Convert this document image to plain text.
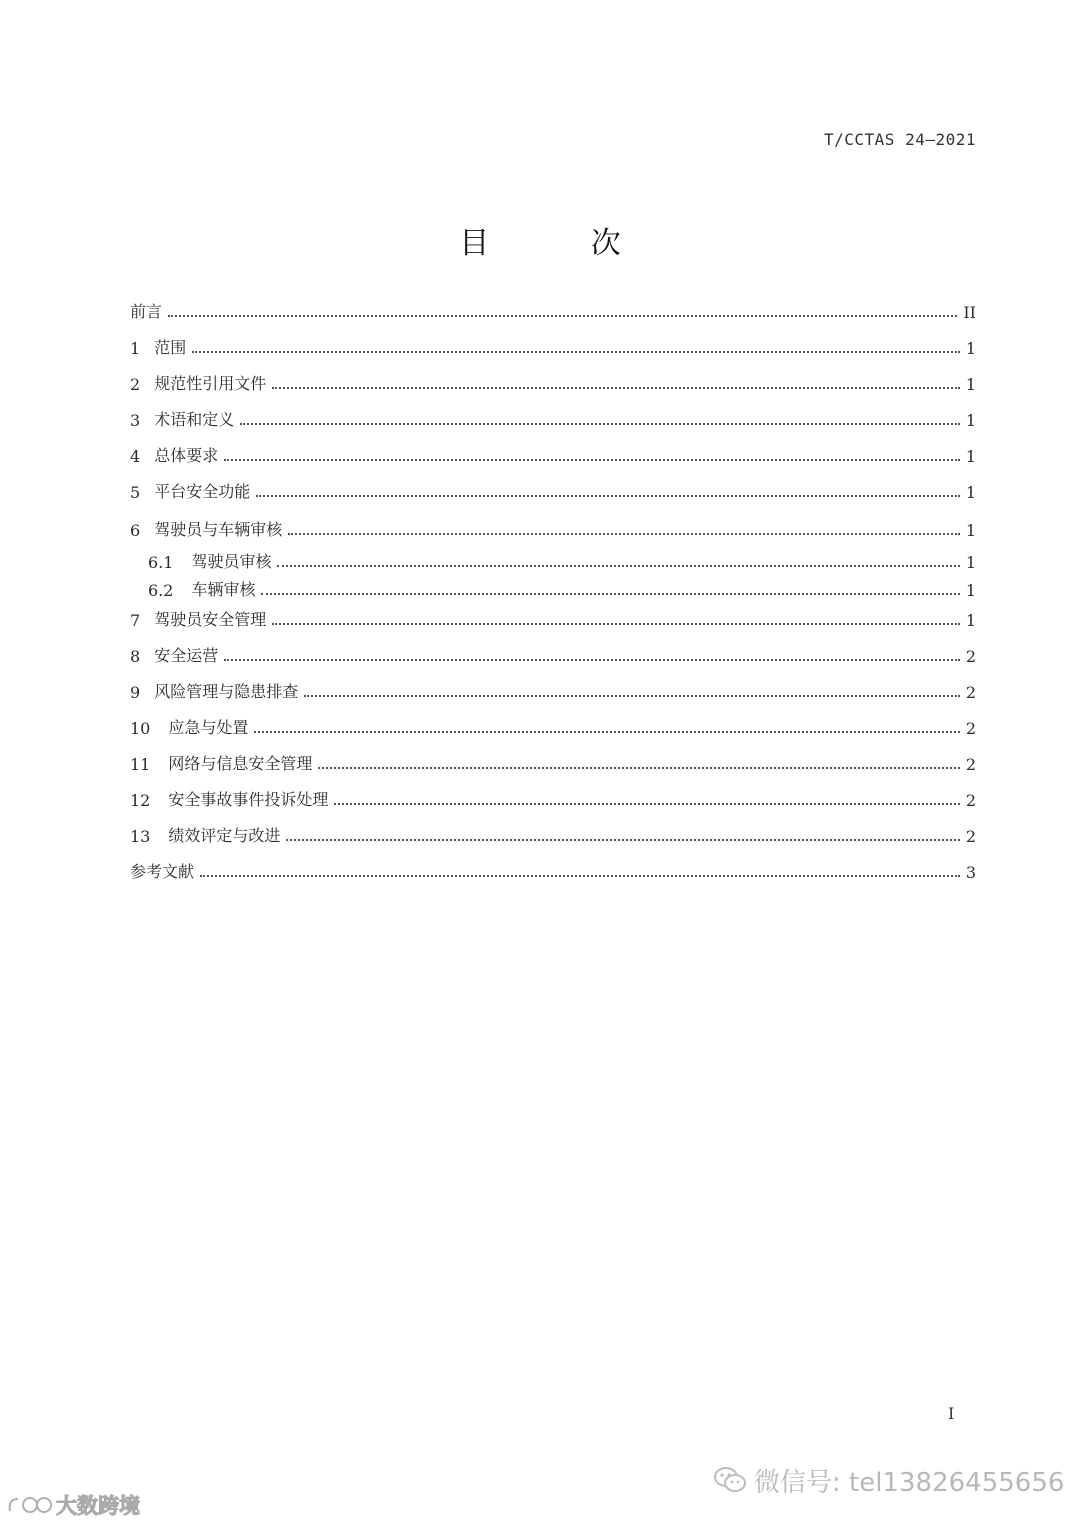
T/CCTAS 24—2021
目 次
前言	II
1 范围	1
2 规范性引用文件	1
3 术语和定义	1
4 总体要求	1
5 平台安全功能	1
6 驾驶员与车辆审核	1
6.1 驾驶员审核	1
6.2 车辆审核	1
7 驾驶员安全管理	1
8 安全运营	2
9 风险管理与隐患排查	2
10 应急与处置	2
11 网络与信息安全管理	2
12 安全事故事件投诉处理	2
13 绩效评定与改进	2
参考文献	3
I
微信号: tel13826455656
大数跨境
